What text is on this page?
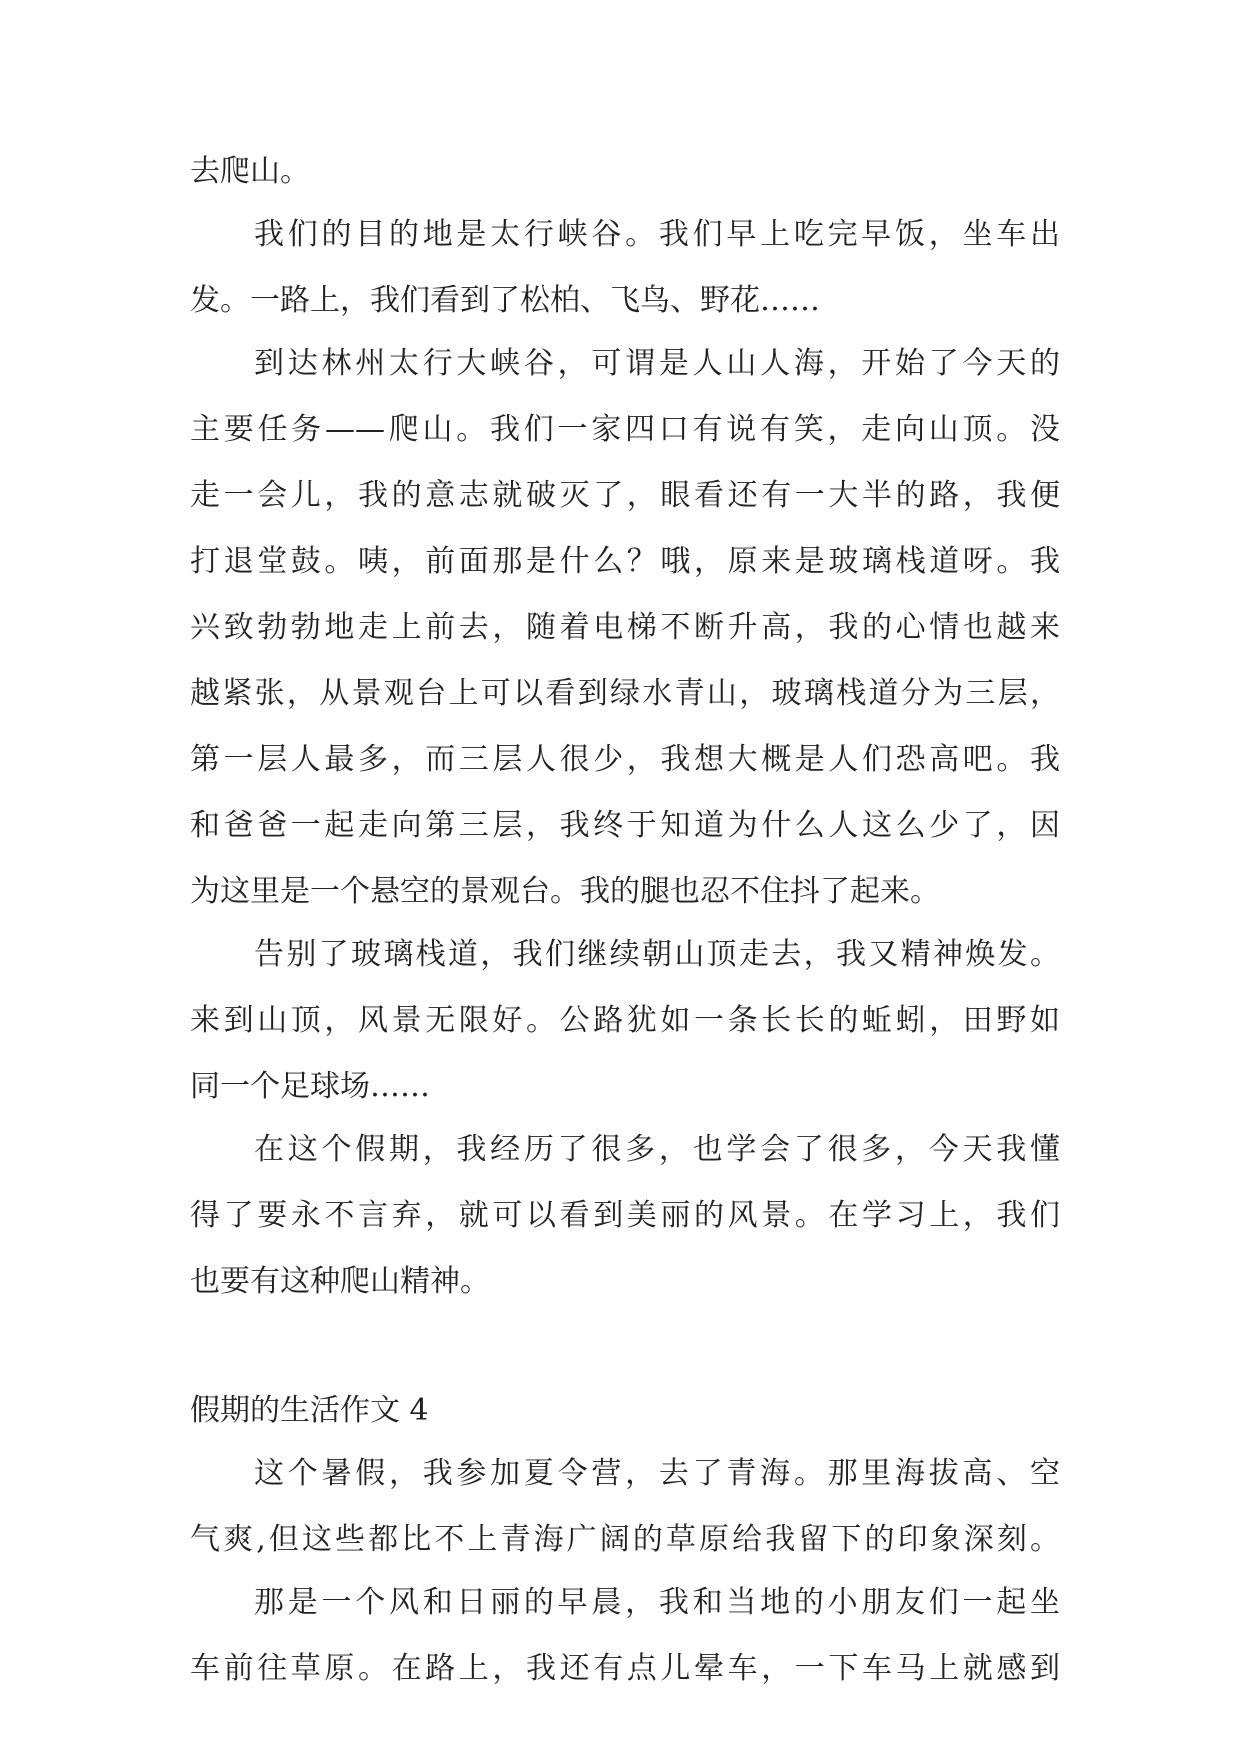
去爬山。
我们的目的地是太行峡谷。我们早上吃完早饭，坐车出
发。一路上，我们看到了松柏、飞鸟、野花……
到达林州太行大峡谷，可谓是人山人海，开始了今天的
主要任务——爬山。我们一家四口有说有笑，走向山顶。没
走一会儿，我的意志就破灭了，眼看还有一大半的路，我便
打退堂鼓。咦，前面那是什么？哦，原来是玻璃栈道呀。我
兴致勃勃地走上前去，随着电梯不断升高，我的心情也越来
越紧张，从景观台上可以看到绿水青山，玻璃栈道分为三层，
第一层人最多，而三层人很少，我想大概是人们恐高吧。我
和爸爸一起走向第三层，我终于知道为什么人这么少了，因
为这里是一个悬空的景观台。我的腿也忍不住抖了起来。
告别了玻璃栈道，我们继续朝山顶走去，我又精神焕发。
来到山顶，风景无限好。公路犹如一条长长的蚯蚓，田野如
同一个足球场……
在这个假期，我经历了很多，也学会了很多，今天我懂
得了要永不言弃，就可以看到美丽的风景。在学习上，我们
也要有这种爬山精神。
假期的生活作文 4
这个暑假，我参加夏令营，去了青海。那里海拔高、空
气爽,但这些都比不上青海广阔的草原给我留下的印象深刻。
那是一个风和日丽的早晨，我和当地的小朋友们一起坐
车前往草原。在路上，我还有点儿晕车，一下车马上就感到
